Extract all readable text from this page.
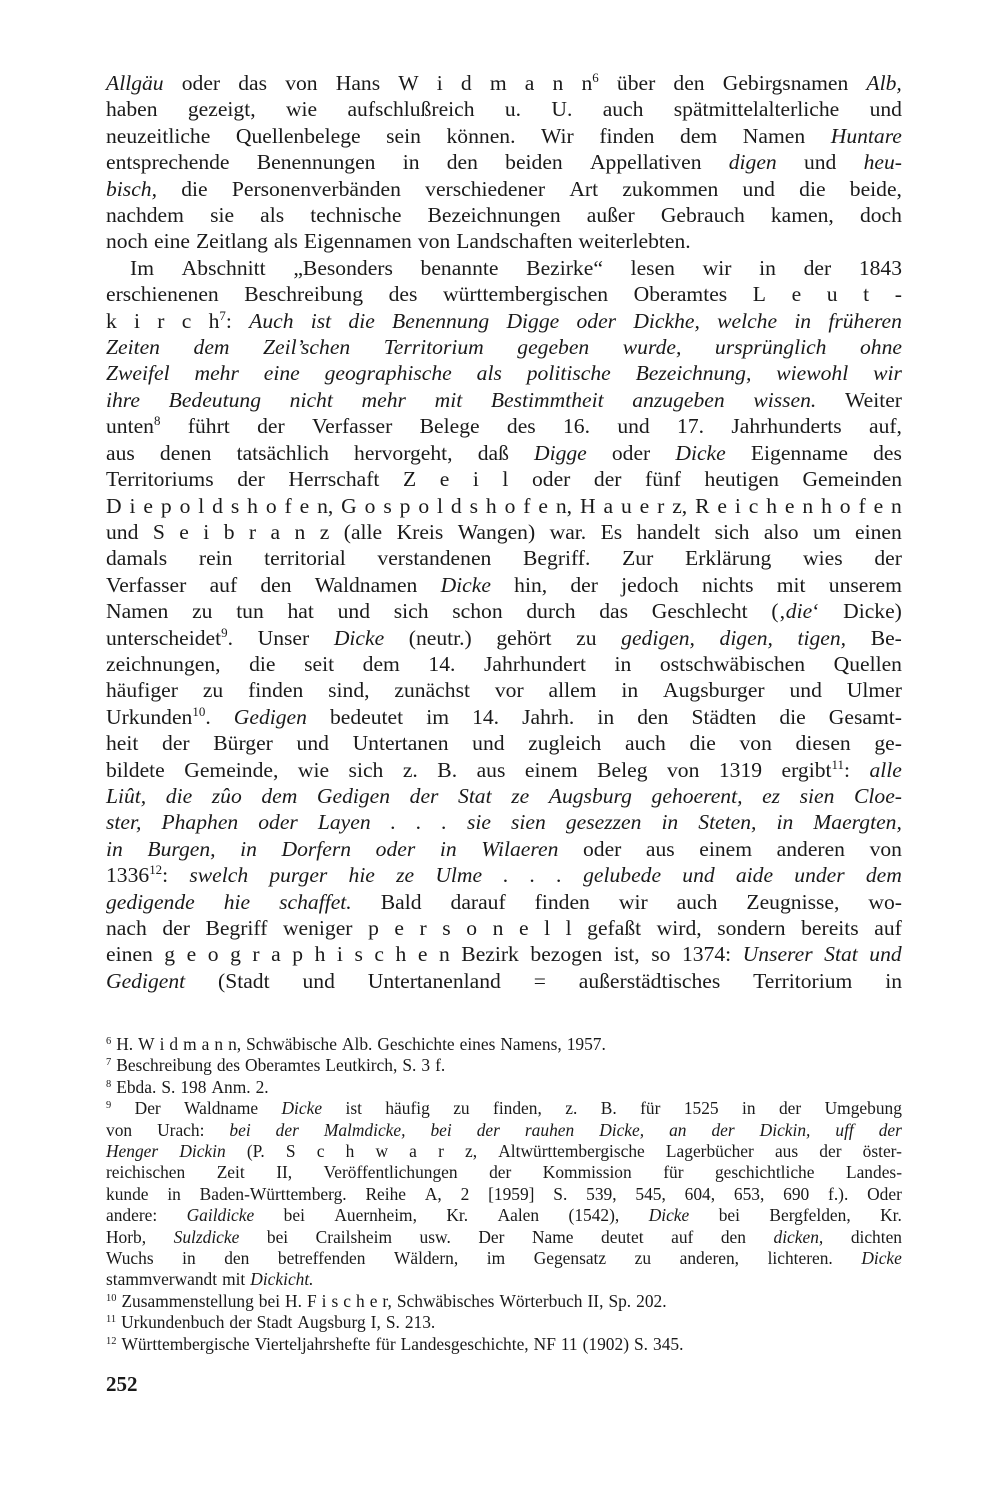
Allgäu oder das von Hans W i d m a n $n^6$ über den Gebirgsnamen Alb,
haben gezeigt, wie aufschlußreich u. U. auch spätmittelalterliche und
neuzeitliche Quellenbelege sein können. Wir finden dem Namen Huntare
entsprechende Benennungen in den beiden Appellativen digen und heu-
bisch, die Personenverbänden verschiedener Art zukommen und die beide,
nachdem sie als technische Bezeichnungen außer Gebrauch kamen, doch
noch eine Zeitlang als Eigennamen von Landschaften weiterlebten.
Im Abschnitt „Besonders benannte Bezirke“ lesen wir in der 1843
erschienenen Beschreibung des württembergischen Oberamtes L e u t -
k i r c $h^7$: Auch ist die Benennung Digge oder Dickhe, welche in früheren
Zeiten dem Zeil’schen Territorium gegeben wurde, ursprünglich ohne
Zweifel mehr eine geographische als politische Bezeichnung, wiewohl wir
ihre Bedeutung nicht mehr mit Bestimmtheit anzugeben wissen. Weiter
unten$^8$ führt der Verfasser Belege des 16. und 17. Jahrhunderts auf,
aus denen tatsächlich hervorgeht, daß Digge oder Dicke Eigenname des
Territoriums der Herrschaft Z e i l oder der fünf heutigen Gemeinden
D i e p o l d s h o f e n, G o s p o l d s h o f e n, H a u e r z, R e i c h e n h o f e n
und S e i b r a n z (alle Kreis Wangen) war. Es handelt sich also um einen
damals rein territorial verstandenen Begriff. Zur Erklärung wies der
Verfasser auf den Waldnamen Dicke hin, der jedoch nichts mit unserem
Namen zu tun hat und sich schon durch das Geschlecht (‚die‘ Dicke)
unterscheidet$^9$. Unser Dicke (neutr.) gehört zu gedigen, digen, tigen, Be-
zeichnungen, die seit dem 14. Jahrhundert in ostschwäbischen Quellen
häufiger zu finden sind, zunächst vor allem in Augsburger und Ulmer
Urkunden$^{10}$. Gedigen bedeutet im 14. Jahrh. in den Städten die Gesamt-
heit der Bürger und Untertanen und zugleich auch die von diesen ge-
bildete Gemeinde, wie sich z. B. aus einem Beleg von 1319 ergibt$^{11}$: alle
Liût, die zûo dem Gedigen der Stat ze Augsburg gehoerent, ez sien Cloe-
ster, Phaphen oder Layen . . . sie sien gesezzen in Steten, in Maergten,
in Burgen, in Dorfern oder in Wilaeren oder aus einem anderen von
1336$^{12}$: swelch purger hie ze Ulme . . . gelubede und aide under dem
gedigende hie schaffet. Bald darauf finden wir auch Zeugnisse, wo-
nach der Begriff weniger p e r s o n e l l gefaßt wird, sondern bereits auf
einen g e o g r a p h i s c h e n Bezirk bezogen ist, so 1374: Unserer Stat und
Gedigent (Stadt und Untertanenland = außerstädtisches Territorium in
$^6$ H. W i d m a n n, Schwäbische Alb. Geschichte eines Namens, 1957.
$^7$ Beschreibung des Oberamtes Leutkirch, S. 3 f.
$^8$ Ebda. S. 198 Anm. 2.
$^9$ Der Waldname Dicke ist häufig zu finden, z. B. für 1525 in der Umgebung
von Urach: bei der Malmdicke, bei der rauhen Dicke, an der Dickin, uff der
Henger Dickin (P. S c h w a r z, Altwürttembergische Lagerbücher aus der öster-
reichischen Zeit II, Veröffentlichungen der Kommission für geschichtliche Landes-
kunde in Baden-Württemberg. Reihe A, 2 [1959] S. 539, 545, 604, 653, 690 f.). Oder
andere: Gaildicke bei Auernheim, Kr. Aalen (1542), Dicke bei Bergfelden, Kr.
Horb, Sulzdicke bei Crailsheim usw. Der Name deutet auf den dicken, dichten
Wuchs in den betreffenden Wäldern, im Gegensatz zu anderen, lichteren. Dicke
stammverwandt mit Dickicht.
$^{10}$ Zusammenstellung bei H. F i s c h e r, Schwäbisches Wörterbuch II, Sp. 202.
$^{11}$ Urkundenbuch der Stadt Augsburg I, S. 213.
$^{12}$ Württembergische Vierteljahrshefte für Landesgeschichte, NF 11 (1902) S. 345.
252
